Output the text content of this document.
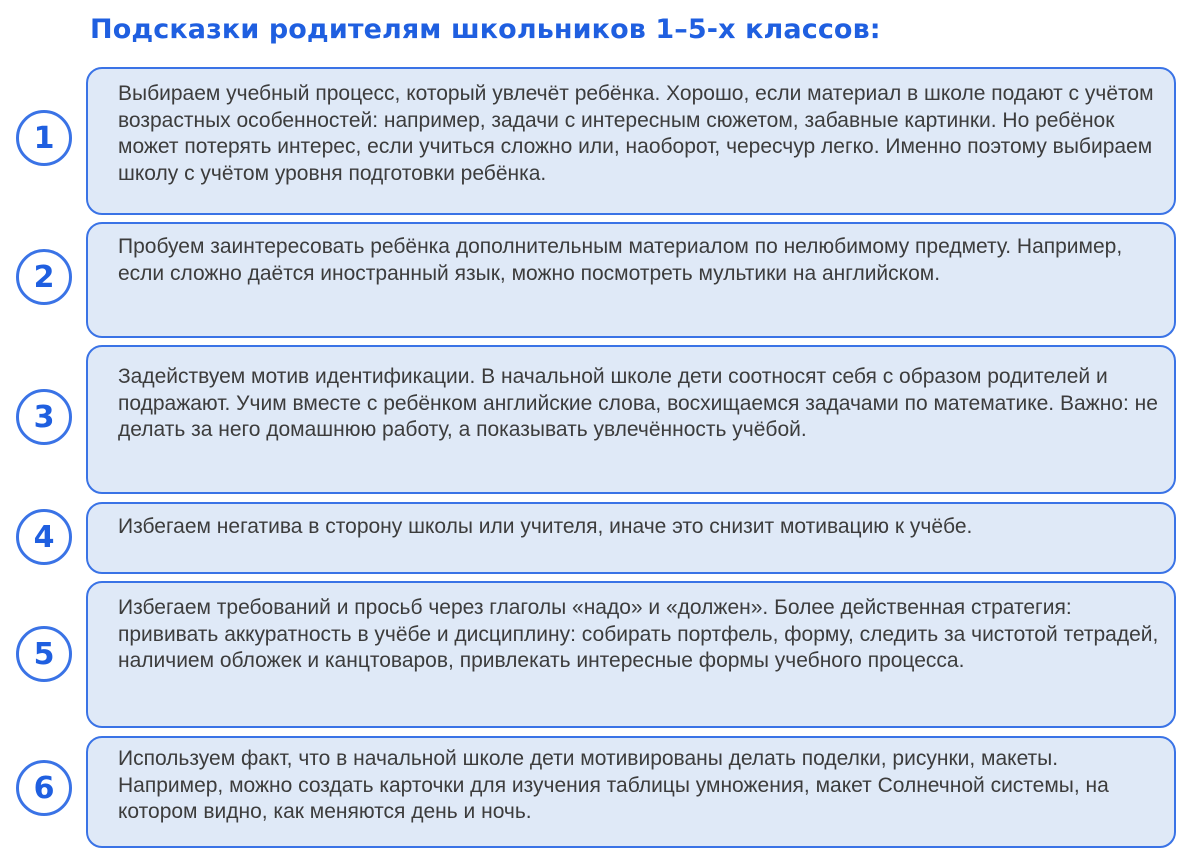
Подсказки родителям школьников 1–5-х классов:

Выбираем учебный процесс, который увлечёт ребёнка. Хорошо, если материал в школе подают с учётом возрастных особенностей: например, задачи с интересным сюжетом, забавные картинки. Но ребёнок может потерять интерес, если учиться сложно или, наоборот, чересчур легко. Именно поэтому выбираем школу с учётом уровня подготовки ребёнка.

1

Пробуем заинтересовать ребёнка дополнительным материалом по нелюбимому предмету. Например, если сложно даётся иностранный язык, можно посмотреть мультики на английском.

2

Задействуем мотив идентификации. В начальной школе дети соотносят себя с образом родителей и подражают. Учим вместе с ребёнком английские слова, восхищаемся задачами по математике. Важно: не делать за него домашнюю работу, а показывать увлечённость учёбой.

3

Избегаем негатива в сторону школы или учителя, иначе это снизит мотивацию к учёбе.

4

Избегаем требований и просьб через глаголы «надо» и «должен». Более действенная стратегия: прививать аккуратность в учёбе и дисциплину: собирать портфель, форму, следить за чистотой тетрадей, наличием обложек и канцтоваров, привлекать интересные формы учебного процесса.

5

Используем факт, что в начальной школе дети мотивированы делать поделки, рисунки, макеты. Например, можно создать карточки для изучения таблицы умножения, макет Солнечной системы, на котором видно, как меняются день и ночь.

6
